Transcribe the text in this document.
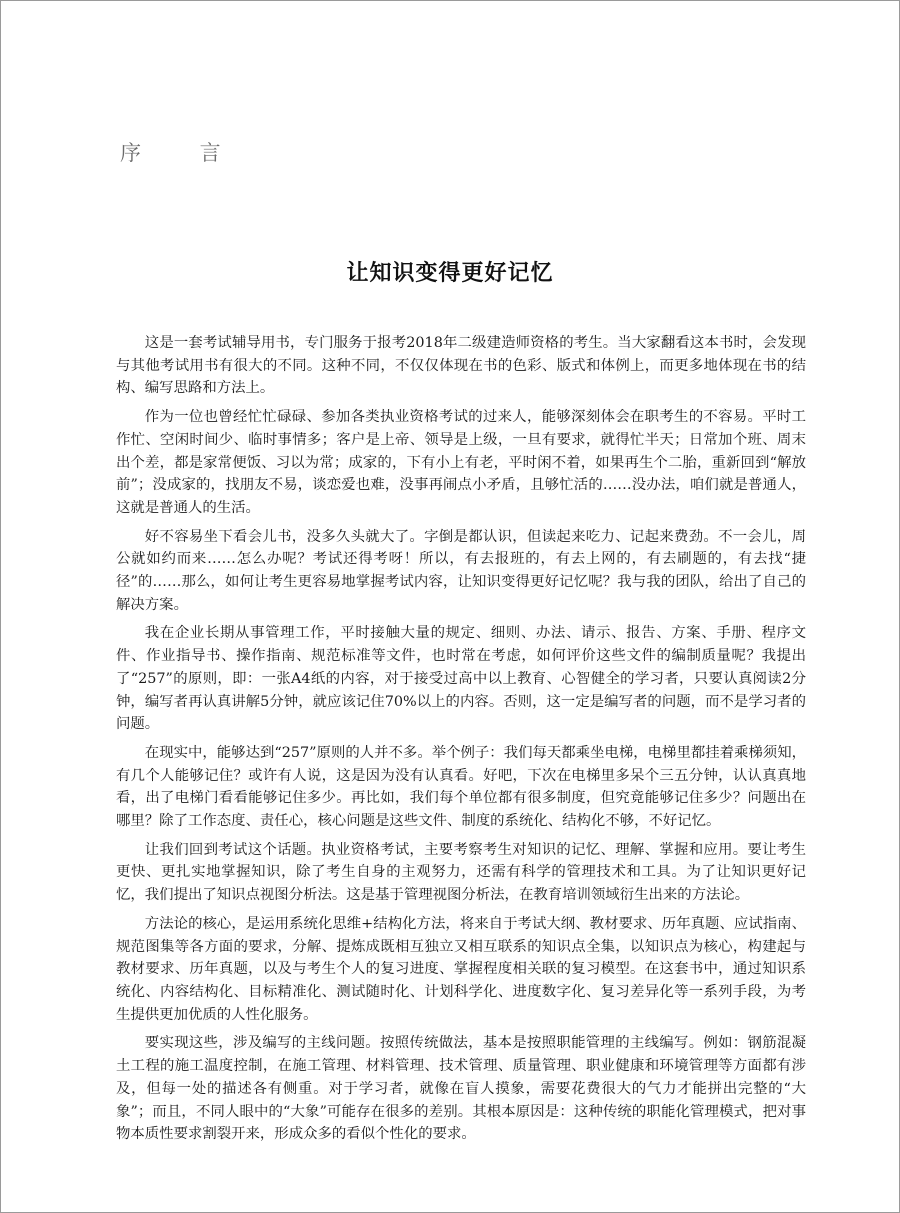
序 言
让知识变得更好记忆

这是一套考试辅导用书，专门服务于报考2018年二级建造师资格的考生。当大家翻看这本书时，会发现与其他考试用书有很大的不同。这种不同，不仅仅体现在书的色彩、版式和体例上，而更多地体现在书的结构、编写思路和方法上。

作为一位也曾经忙忙碌碌、参加各类执业资格考试的过来人，能够深刻体会在职考生的不容易。平时工作忙、空闲时间少、临时事情多；客户是上帝、领导是上级，一旦有要求，就得忙半天；日常加个班、周末出个差，都是家常便饭、习以为常；成家的，下有小上有老，平时闲不着，如果再生个二胎，重新回到“解放前”；没成家的，找朋友不易，谈恋爱也难，没事再闹点小矛盾，且够忙活的……没办法，咱们就是普通人，这就是普通人的生活。

好不容易坐下看会儿书，没多久头就大了。字倒是都认识，但读起来吃力、记起来费劲。不一会儿，周公就如约而来……怎么办呢？考试还得考呀！所以，有去报班的，有去上网的，有去刷题的，有去找“捷径”的……那么，如何让考生更容易地掌握考试内容，让知识变得更好记忆呢？我与我的团队，给出了自己的解决方案。

我在企业长期从事管理工作，平时接触大量的规定、细则、办法、请示、报告、方案、手册、程序文件、作业指导书、操作指南、规范标准等文件，也时常在考虑，如何评价这些文件的编制质量呢？我提出了“257”的原则，即：一张A4纸的内容，对于接受过高中以上教育、心智健全的学习者，只要认真阅读2分钟，编写者再认真讲解5分钟，就应该记住70%以上的内容。否则，这一定是编写者的问题，而不是学习者的问题。

在现实中，能够达到“257”原则的人并不多。举个例子：我们每天都乘坐电梯，电梯里都挂着乘梯须知，有几个人能够记住？或许有人说，这是因为没有认真看。好吧，下次在电梯里多呆个三五分钟，认认真真地看，出了电梯门看看能够记住多少。再比如，我们每个单位都有很多制度，但究竟能够记住多少？问题出在哪里？除了工作态度、责任心，核心问题是这些文件、制度的系统化、结构化不够，不好记忆。

让我们回到考试这个话题。执业资格考试，主要考察考生对知识的记忆、理解、掌握和应用。要让考生更快、更扎实地掌握知识，除了考生自身的主观努力，还需有科学的管理技术和工具。为了让知识更好记忆，我们提出了知识点视图分析法。这是基于管理视图分析法，在教育培训领域衍生出来的方法论。

方法论的核心，是运用系统化思维+结构化方法，将来自于考试大纲、教材要求、历年真题、应试指南、规范图集等各方面的要求，分解、提炼成既相互独立又相互联系的知识点全集，以知识点为核心，构建起与教材要求、历年真题，以及与考生个人的复习进度、掌握程度相关联的复习模型。在这套书中，通过知识系统化、内容结构化、目标精准化、测试随时化、计划科学化、进度数字化、复习差异化等一系列手段，为考生提供更加优质的人性化服务。

要实现这些，涉及编写的主线问题。按照传统做法，基本是按照职能管理的主线编写。例如：钢筋混凝土工程的施工温度控制，在施工管理、材料管理、技术管理、质量管理、职业健康和环境管理等方面都有涉及，但每一处的描述各有侧重。对于学习者，就像在盲人摸象，需要花费很大的气力才能拼出完整的“大象”；而且，不同人眼中的“大象”可能存在很多的差别。其根本原因是：这种传统的职能化管理模式，把对事物本质性要求割裂开来，形成众多的看似个性化的要求。
